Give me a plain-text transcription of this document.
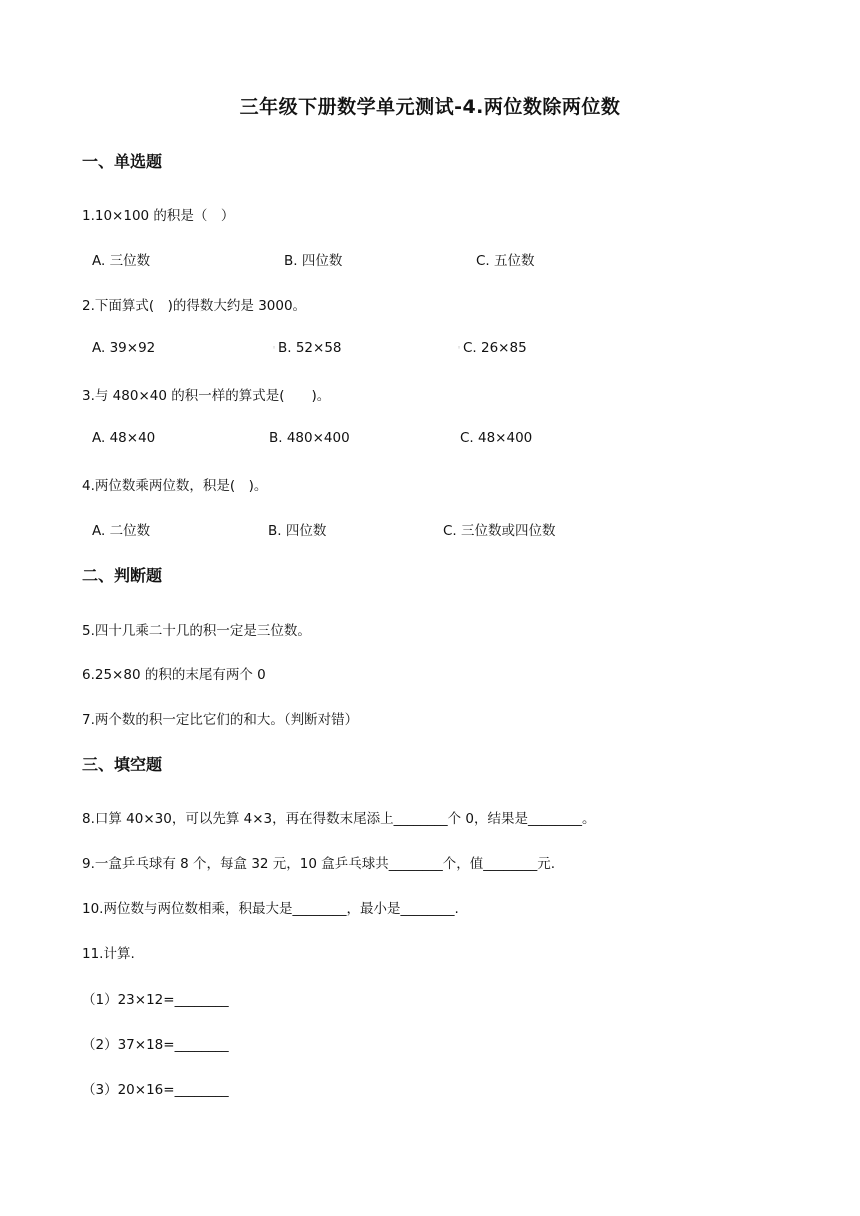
三年级下册数学单元测试-4.两位数除两位数
一、单选题
1.10×100 的积是（　）
A. 三位数	B. 四位数	C. 五位数
2.下面算式(　)的得数大约是 3000。
A. 39×92	◦ B. 52×58	◦ C. 26×85
3.与 480×40 的积一样的算式是(　　)。
A. 48×40	B. 480×400	C. 48×400
4.两位数乘两位数，积是(　)。
A. 二位数	B. 四位数	C. 三位数或四位数
二、判断题
5.四十几乘二十几的积一定是三位数。
6.25×80 的积的末尾有两个 0
7.两个数的积一定比它们的和大。（判断对错）
三、填空题
8.口算 40×30，可以先算 4×3，再在得数末尾添上________个 0，结果是________。
9.一盒乒乓球有 8 个，每盒 32 元，10 盒乒乓球共________个，值________元.
10.两位数与两位数相乘，积最大是________，最小是________.
11.计算.
（1）23×12=________
（2）37×18=________
（3）20×16=________
